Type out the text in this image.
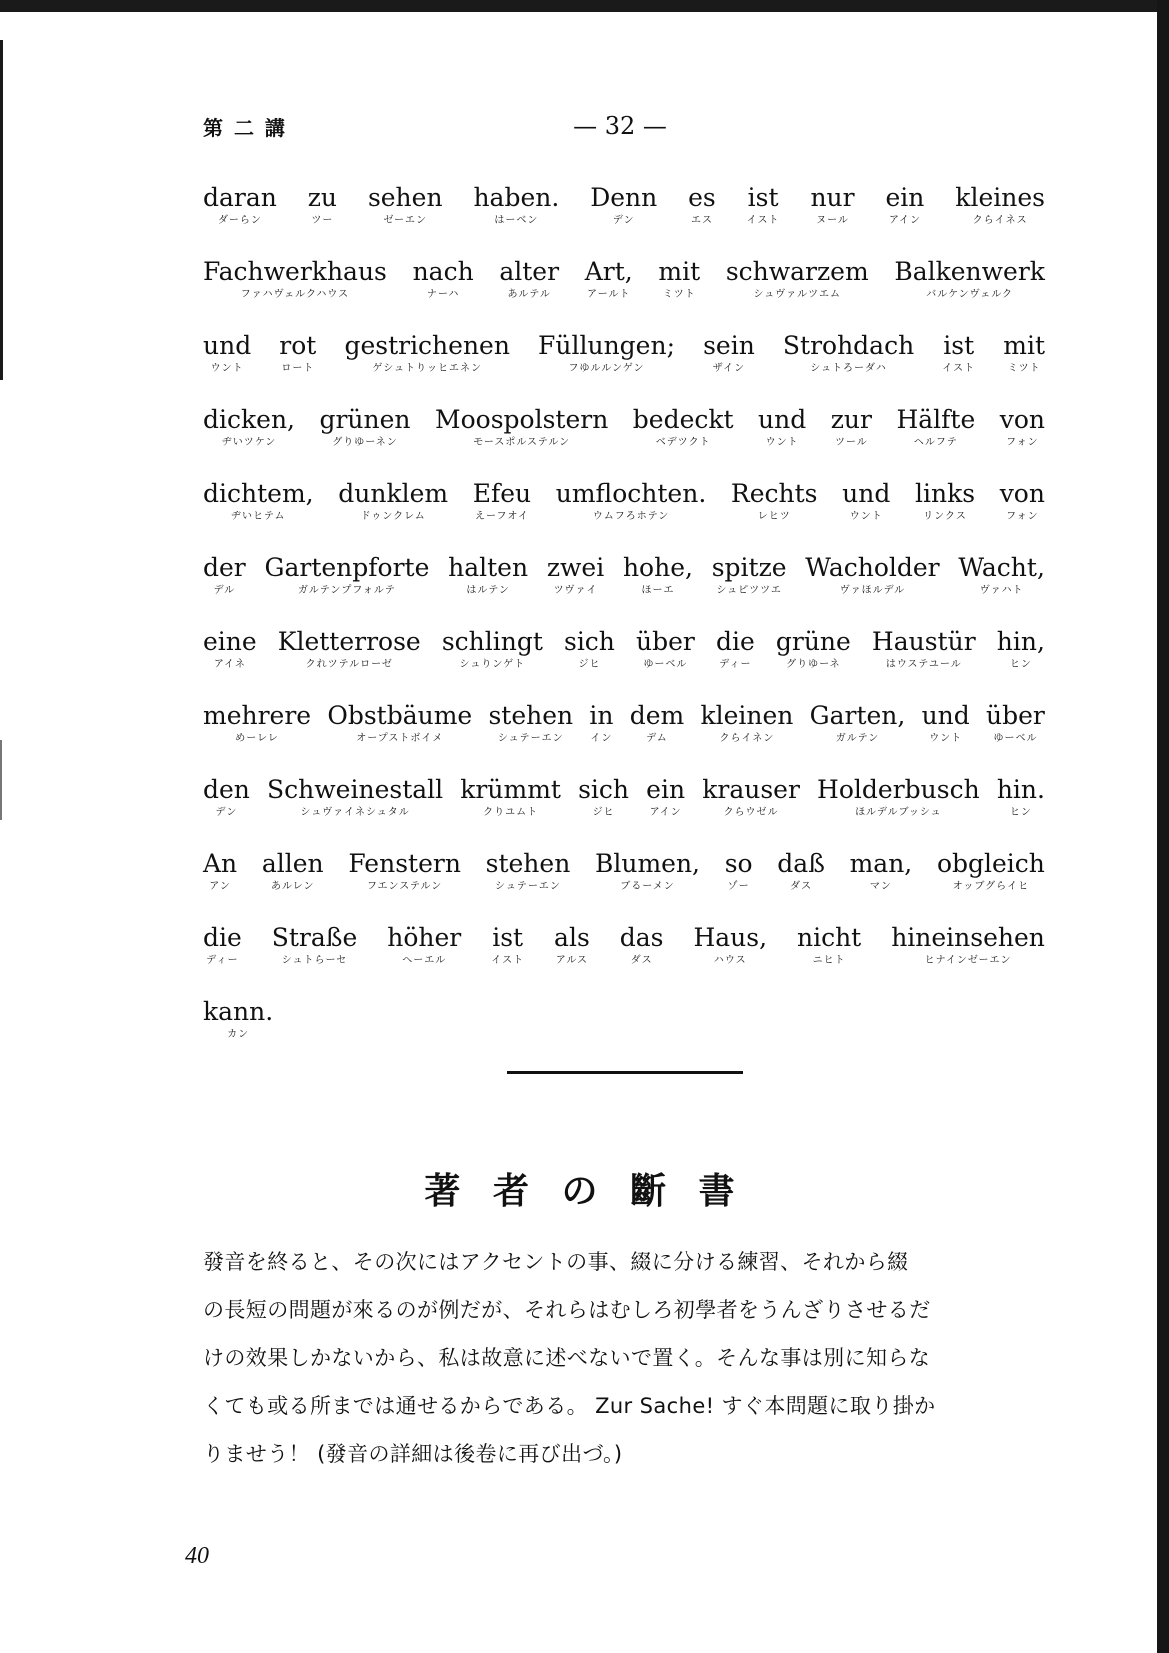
第 二 講	— 32 —
daran
ダーらン
zu
ツー
sehen
ゼーエン
haben.
はーベン
Denn
デン
es
エス
ist
イスト
nur
ヌール
ein
アイン
kleines
クらイネス
Fachwerkhaus
ファハヴェルクハウス
nach
ナーハ
alter
あルテル
Art,
アールト
mit
ミツト
schwarzem
シュヴァルツエム
Balkenwerk
バルケンヴェルク
und
ウント
rot
ロート
gestrichenen
ゲシュトりッヒエネン
Füllungen;
フゆルルンゲン
sein
ザイン
Strohdach
シュトろーダハ
ist
イスト
mit
ミツト
dicken,
ヂいツケン
grünen
グりゆーネン
Moospolstern
モースポルステルン
bedeckt
ベデツクト
und
ウント
zur
ツール
Hälfte
ヘルフテ
von
フォン
dichtem,
ヂいヒテム
dunklem
ドゥンクレム
Efeu
えーフオイ
umflochten.
ウムフろホテン
Rechts
レヒツ
und
ウント
links
リンクス
von
フォン
der
デル
Gartenpforte
ガルテンプフォルテ
halten
はルテン
zwei
ツヴァイ
hohe,
ほーエ
spitze
シュピツツエ
Wacholder
ヴァほルデル
Wacht,
ヴァハト
eine
アイネ
Kletterrose
クれツテルローゼ
schlingt
シュりンゲト
sich
ジヒ
über
ゆーベル
die
ディー
grüne
グりゆーネ
Haustür
はウステユール
hin,
ヒン
mehrere
めーレレ
Obstbäume
オープストボイメ
stehen
シュテーエン
in
イン
dem
デム
kleinen
クらイネン
Garten,
ガルテン
und
ウント
über
ゆーベル
den
デン
Schweinestall
シュヴァイネシュタル
krümmt
クりユムト
sich
ジヒ
ein
アイン
krauser
クらウゼル
Holderbusch
ほルデルブッシュ
hin.
ヒン
An
アン
allen
あルレン
Fenstern
フエンステルン
stehen
シュテーエン
Blumen,
ブるーメン
so
ゾー
daß
ダス
man,
マン
obgleich
オッブグらイヒ
die
ディー
Straße
シュトらーセ
höher
へーエル
ist
イスト
als
アルス
das
ダス
Haus,
ハウス
nicht
ニヒト
hineinsehen
ヒナインゼーエン
kann.
カン
著 者 の 斷 書
發音を終ると、その次にはアクセントの事、綴に分ける練習、それから綴
の長短の問題が來るのが例だが、それらはむしろ初學者をうんざりさせるだ
けの效果しかないから、私は故意に述べないで置く。そんな事は別に知らな
くても或る所までは通せるからである。 Zur Sache! すぐ本問題に取り掛か
りませう！ (發音の詳細は後卷に再び出づ。)
40
